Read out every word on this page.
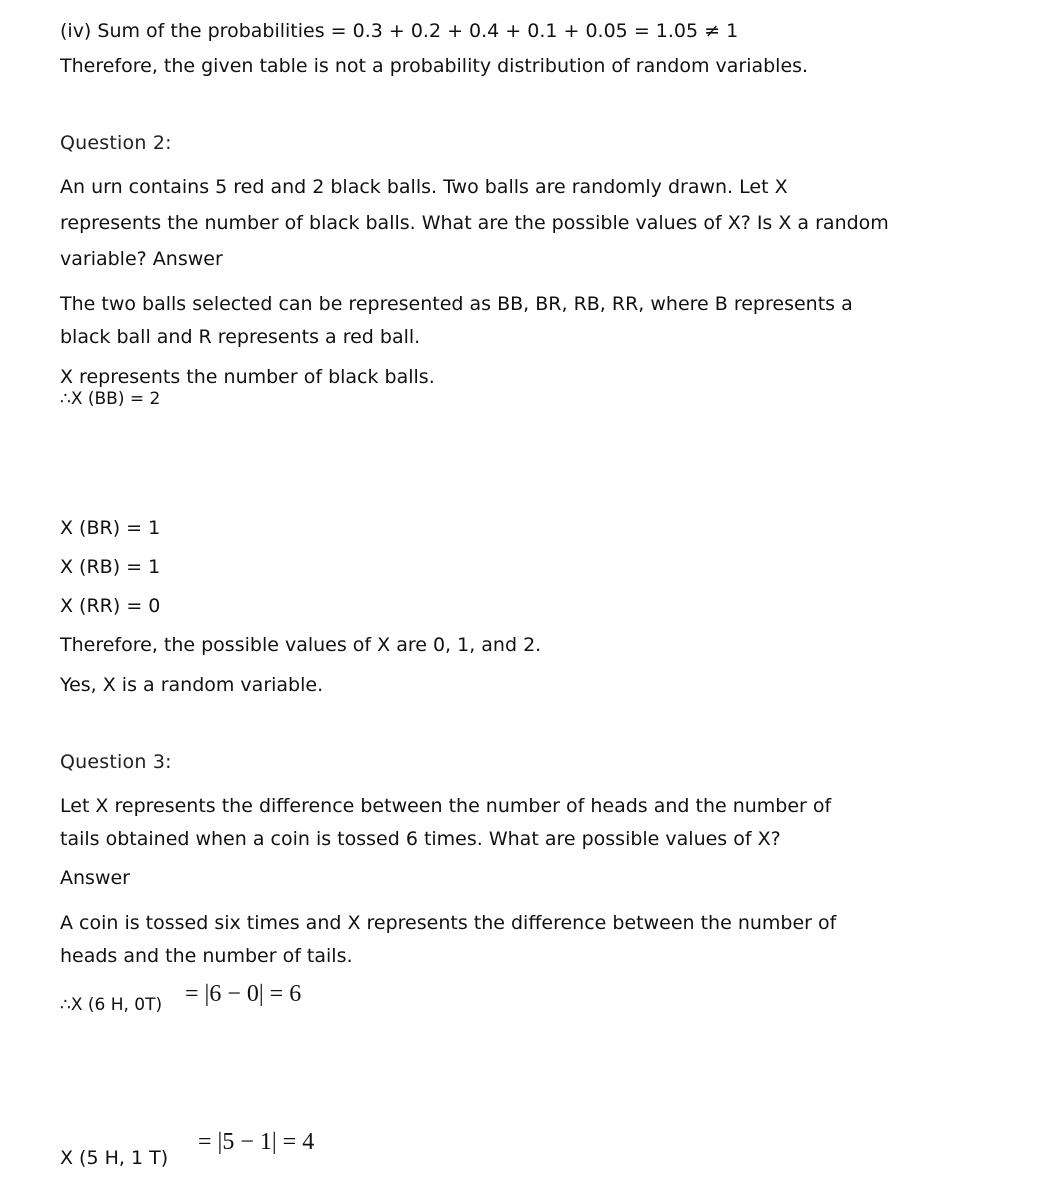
(iv) Sum of the probabilities = 0.3 + 0.2 + 0.4 + 0.1 + 0.05 = 1.05 ≠ 1
Therefore, the given table is not a probability distribution of random variables.
Question 2:
An urn contains 5 red and 2 black balls. Two balls are randomly drawn. Let X
represents the number of black balls. What are the possible values of X? Is X a random
variable? Answer
The two balls selected can be represented as BB, BR, RB, RR, where B represents a
black ball and R represents a red ball.
X represents the number of black balls.
∴X (BB) = 2
X (BR) = 1
X (RB) = 1
X (RR) = 0
Therefore, the possible values of X are 0, 1, and 2.
Yes, X is a random variable.
Question 3:
Let X represents the difference between the number of heads and the number of
tails obtained when a coin is tossed 6 times. What are possible values of X?
Answer
A coin is tossed six times and X represents the difference between the number of
heads and the number of tails.
∴X (6 H, 0T) = |6 − 0| = 6
X (5 H, 1 T)
= |5 − 1| = 4
